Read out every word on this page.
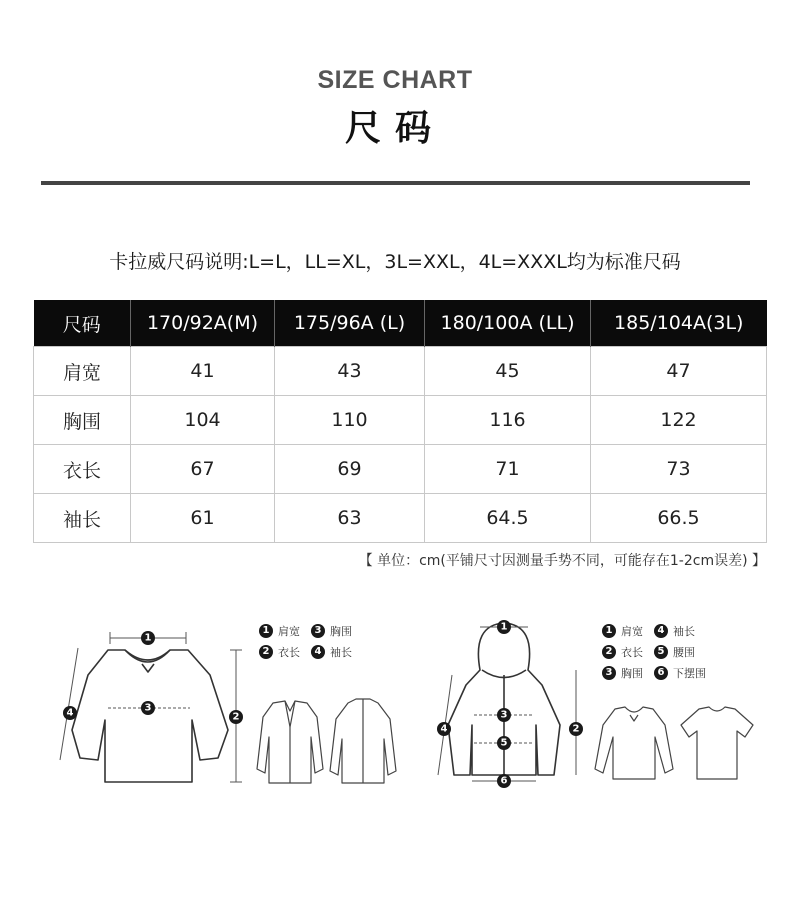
SIZE CHART
尺码
卡拉威尺码说明:L=L，LL=XL，3L=XXL，4L=XXXL均为标准尺码
尺码	170/92A(M)	175/96A (L)	180/100A (LL)	185/104A(3L)
肩宽	41	43	45	47
胸围	104	110	116	122
衣长	67	69	71	73
袖长	61	63	64.5	66.5
【 单位：cm(平铺尺寸因测量手势不同，可能存在1-2cm误差) 】
1
2
3
4
1 肩宽	3 胸围
2 衣长	4 袖长
1
2
3
4
5
6
1 肩宽	4 袖长
2 衣长	5 腰围
3 胸围	6 下摆围
